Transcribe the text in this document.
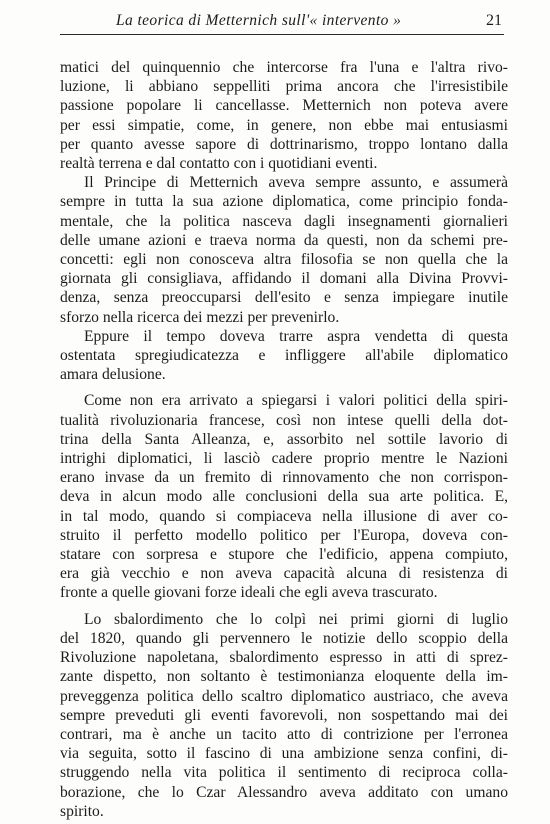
La teorica di Metternich sull'« intervento »	21
matici del quinquennio che intercorse fra l'una e l'altra rivo-
luzione, li abbiano seppelliti prima ancora che l'irresistibile
passione popolare li cancellasse. Metternich non poteva avere
per essi simpatie, come, in genere, non ebbe mai entusiasmi
per quanto avesse sapore di dottrinarismo, troppo lontano dalla
realtà terrena e dal contatto con i quotidiani eventi.
Il Principe di Metternich aveva sempre assunto, e assumerà
sempre in tutta la sua azione diplomatica, come principio fonda-
mentale, che la politica nasceva dagli insegnamenti giornalieri
delle umane azioni e traeva norma da questi, non da schemi pre-
concetti: egli non conosceva altra filosofia se non quella che la
giornata gli consigliava, affidando il domani alla Divina Provvi-
denza, senza preoccuparsi dell'esito e senza impiegare inutile
sforzo nella ricerca dei mezzi per prevenirlo.
Eppure il tempo doveva trarre aspra vendetta di questa
ostentata spregiudicatezza e infliggere all'abile diplomatico
amara delusione.
Come non era arrivato a spiegarsi i valori politici della spiri-
tualità rivoluzionaria francese, così non intese quelli della dot-
trina della Santa Alleanza, e, assorbito nel sottile lavorio di
intrighi diplomatici, li lasciò cadere proprio mentre le Nazioni
erano invase da un fremito di rinnovamento che non corrispon-
deva in alcun modo alle conclusioni della sua arte politica. E,
in tal modo, quando si compiaceva nella illusione di aver co-
struito il perfetto modello politico per l'Europa, doveva con-
statare con sorpresa e stupore che l'edificio, appena compiuto,
era già vecchio e non aveva capacità alcuna di resistenza di
fronte a quelle giovani forze ideali che egli aveva trascurato.
Lo sbalordimento che lo colpì nei primi giorni di luglio
del 1820, quando gli pervennero le notizie dello scoppio della
Rivoluzione napoletana, sbalordimento espresso in atti di sprez-
zante dispetto, non soltanto è testimonianza eloquente della im-
preveggenza politica dello scaltro diplomatico austriaco, che aveva
sempre preveduti gli eventi favorevoli, non sospettando mai dei
contrari, ma è anche un tacito atto di contrizione per l'erronea
via seguita, sotto il fascino di una ambizione senza confini, di-
struggendo nella vita politica il sentimento di reciproca colla-
borazione, che lo Czar Alessandro aveva additato con umano
spirito.
